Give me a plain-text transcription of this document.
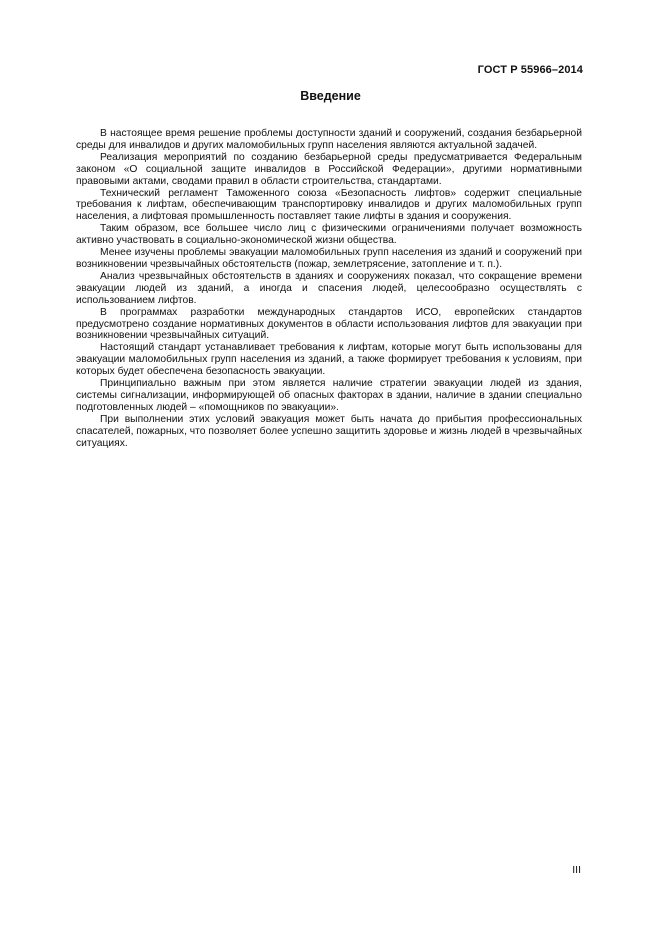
ГОСТ Р 55966–2014
Введение

В настоящее время решение проблемы доступности зданий и сооружений, создания безбарьерной среды для инвалидов и других маломобильных групп населения являются актуальной задачей.

Реализация мероприятий по созданию безбарьерной среды предусматривается Федеральным законом «О социальной защите инвалидов в Российской Федерации», другими нормативными правовыми актами, сводами правил в области строительства, стандартами.

Технический регламент Таможенного союза «Безопасность лифтов» содержит специальные требования к лифтам, обеспечивающим транспортировку инвалидов и других маломобильных групп населения, а лифтовая промышленность поставляет такие лифты в здания и сооружения.

Таким образом, все большее число лиц с физическими ограничениями получает возможность активно участвовать в социально-экономической жизни общества.

Менее изучены проблемы эвакуации маломобильных групп населения из зданий и сооружений при возникновении чрезвычайных обстоятельств (пожар, землетрясение, затопление и т. п.).

Анализ чрезвычайных обстоятельств в зданиях и сооружениях показал, что сокращение времени эвакуации людей из зданий, а иногда и спасения людей, целесообразно осуществлять с использованием лифтов.

В программах разработки международных стандартов ИСО, европейских стандартов предусмотрено создание нормативных документов в области использования лифтов для эвакуации при возникновении чрезвычайных ситуаций.

Настоящий стандарт устанавливает требования к лифтам, которые могут быть использованы для эвакуации маломобильных групп населения из зданий, а также формирует требования к условиям, при которых будет обеспечена безопасность эвакуации.

Принципиально важным при этом является наличие стратегии эвакуации людей из здания, системы сигнализации, информирующей об опасных факторах в здании, наличие в здании специально подготовленных людей – «помощников по эвакуации».

При выполнении этих условий эвакуация может быть начата до прибытия профессиональных спасателей, пожарных, что позволяет более успешно защитить здоровье и жизнь людей в чрезвычайных ситуациях.

III
